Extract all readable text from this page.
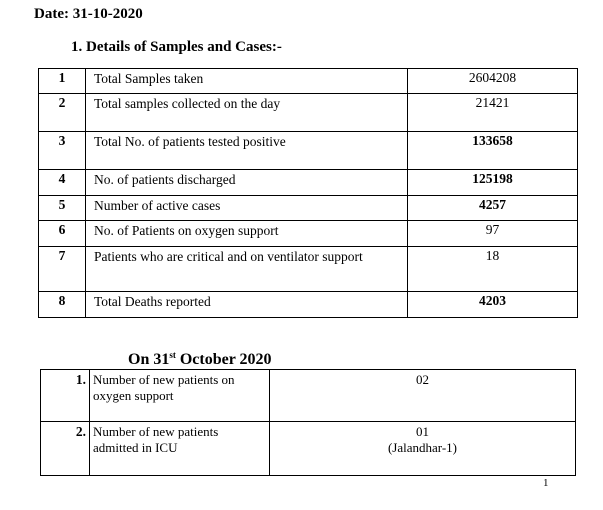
Date: 31-10-2020
1. Details of Samples and Cases:-
1	Total Samples taken	2604208
2	Total samples collected on the day	21421
3	Total No. of patients tested positive	133658
4	No. of patients discharged	125198
5	Number of active cases	4257
6	No. of Patients on oxygen support	97
7	Patients who are critical and on ventilator support	18
8	Total Deaths reported	4203
On 31st October 2020
1.	Number of new patients on oxygen support	02

2.	Number of new patients admitted in ICU	01
(Jalandhar-1)
1
